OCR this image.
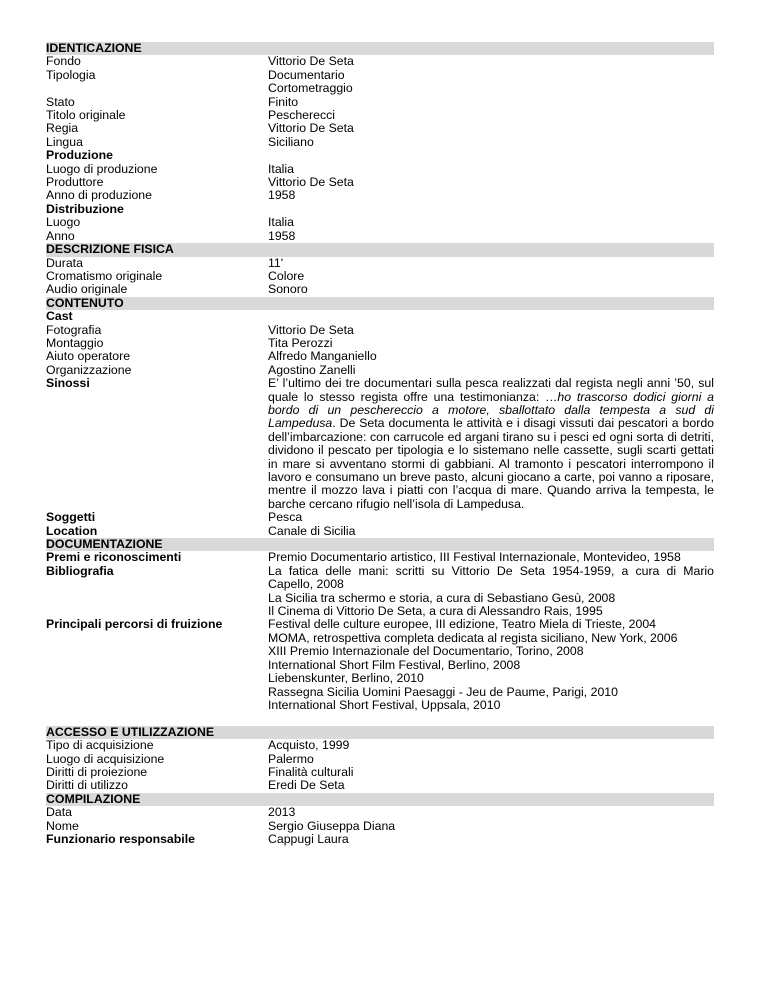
IDENTICAZIONE
Fondo	Vittorio De Seta
Tipologia	Documentario
Cortometraggio
Stato	Finito
Titolo originale	Pescherecci
Regia	Vittorio De Seta
Lingua	Siciliano
Produzione
Luogo di produzione	Italia
Produttore	Vittorio De Seta
Anno di produzione	1958
Distribuzione
Luogo	Italia
Anno	1958
DESCRIZIONE FISICA
Durata	11'
Cromatismo originale	Colore
Audio originale	Sonoro
CONTENUTO
Cast
Fotografia	Vittorio De Seta
Montaggio	Tita Perozzi
Aiuto operatore	Alfredo Manganiello
Organizzazione	Agostino Zanelli
Sinossi	E’ l’ultimo dei tre documentari sulla pesca realizzati dal regista negli anni ’50, sul quale lo stesso regista offre una testimonianza: …ho trascorso dodici giorni a bordo di un peschereccio a motore, sballottato dalla tempesta a sud di Lampedusa. De Seta documenta le attività e i disagi vissuti dai pescatori a bordo dell’imbarcazione: con carrucole ed argani tirano su i pesci ed ogni sorta di detriti, dividono il pescato per tipologia e lo sistemano nelle cassette, sugli scarti gettati in mare si avventano stormi di gabbiani. Al tramonto i pescatori interrompono il lavoro e consumano un breve pasto, alcuni giocano a carte, poi vanno a riposare, mentre il mozzo lava i piatti con l’acqua di mare. Quando arriva la tempesta, le barche cercano rifugio nell’isola di Lampedusa.
Soggetti	Pesca
Location	Canale di Sicilia
DOCUMENTAZIONE
Premi e riconoscimenti	Premio Documentario artistico, III Festival Internazionale, Montevideo, 1958
Bibliografia	La fatica delle mani: scritti su Vittorio De Seta 1954-1959, a cura di Mario Capello, 2008
La Sicilia tra schermo e storia, a cura di Sebastiano Gesù, 2008
Il Cinema di Vittorio De Seta, a cura di Alessandro Rais, 1995
Principali percorsi di fruizione	Festival delle culture europee, III edizione, Teatro Miela di Trieste, 2004
MOMA, retrospettiva completa dedicata al regista siciliano, New York, 2006
XIII Premio Internazionale del Documentario, Torino, 2008
International Short Film Festival, Berlino, 2008
Liebenskunter, Berlino, 2010
Rassegna Sicilia Uomini Paesaggi - Jeu de Paume, Parigi, 2010
International Short Festival, Uppsala, 2010
ACCESSO E UTILIZZAZIONE
Tipo di acquisizione	Acquisto, 1999
Luogo di acquisizione	Palermo
Diritti di proiezione	Finalità culturali
Diritti di utilizzo	Eredi De Seta
COMPILAZIONE
Data	2013
Nome	Sergio Giuseppa Diana
Funzionario responsabile	Cappugi Laura
